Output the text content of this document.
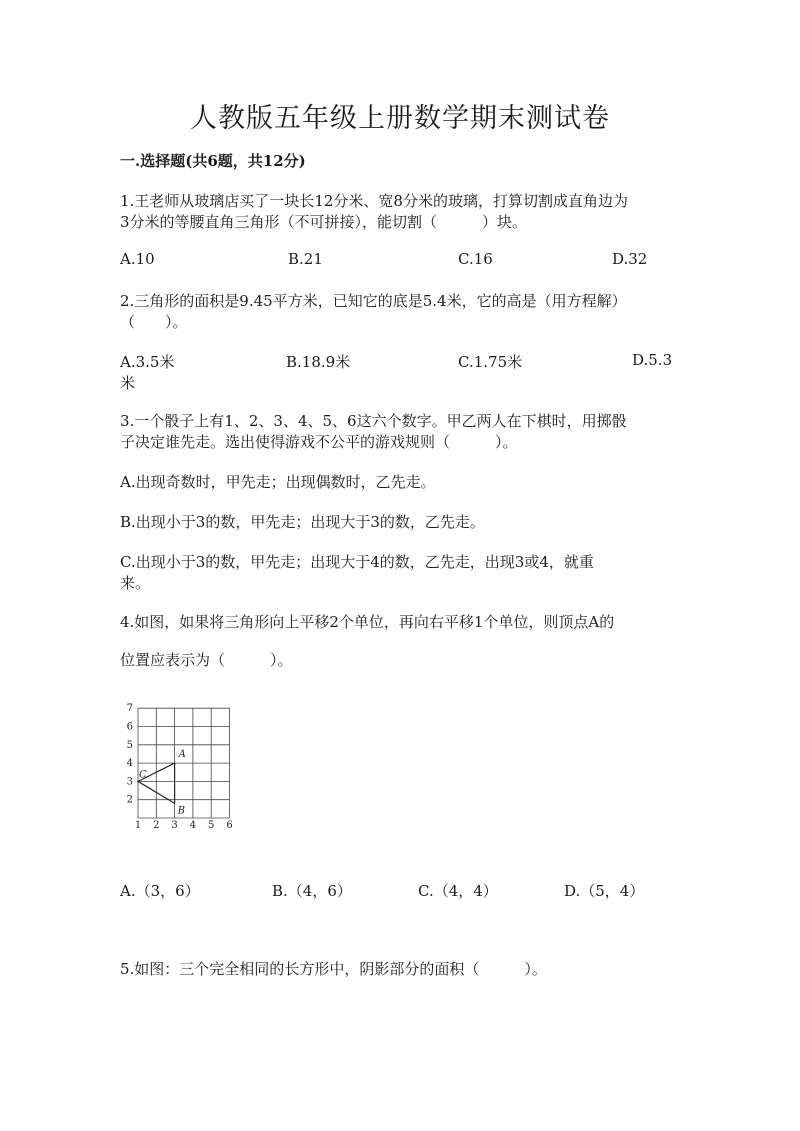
人教版五年级上册数学期末测试卷
一.选择题(共6题，共12分)
1.王老师从玻璃店买了一块长12分米、宽8分米的玻璃，打算切割成直角边为
3分米的等腰直角三角形（不可拼接），能切割（　　　）块。
A.10	B.21	C.16	D.32
2.三角形的面积是9.45平方米，已知它的底是5.4米，它的高是（用方程解）
（　　）。
A.3.5米	B.18.9米	C.1.75米	D.5.3
米
3.一个骰子上有1、2、3、4、5、6这六个数字。甲乙两人在下棋时，用掷骰
子决定谁先走。选出使得游戏不公平的游戏规则（　　　）。
A.出现奇数时，甲先走；出现偶数时，乙先走。
B.出现小于3的数，甲先走；出现大于3的数，乙先走。
C.出现小于3的数，甲先走；出现大于4的数，乙先走，出现3或4，就重
来。
4.如图，如果将三角形向上平移2个单位，再向右平移1个单位，则顶点A的
位置应表示为（　　　）。
1 2 3 4 5 6
2
3
4
5
6
7
A
B
C
A.（3，6）	B.（4，6）	C.（4，4）	D.（5，4）
5.如图：三个完全相同的长方形中，阴影部分的面积（　　　）。
